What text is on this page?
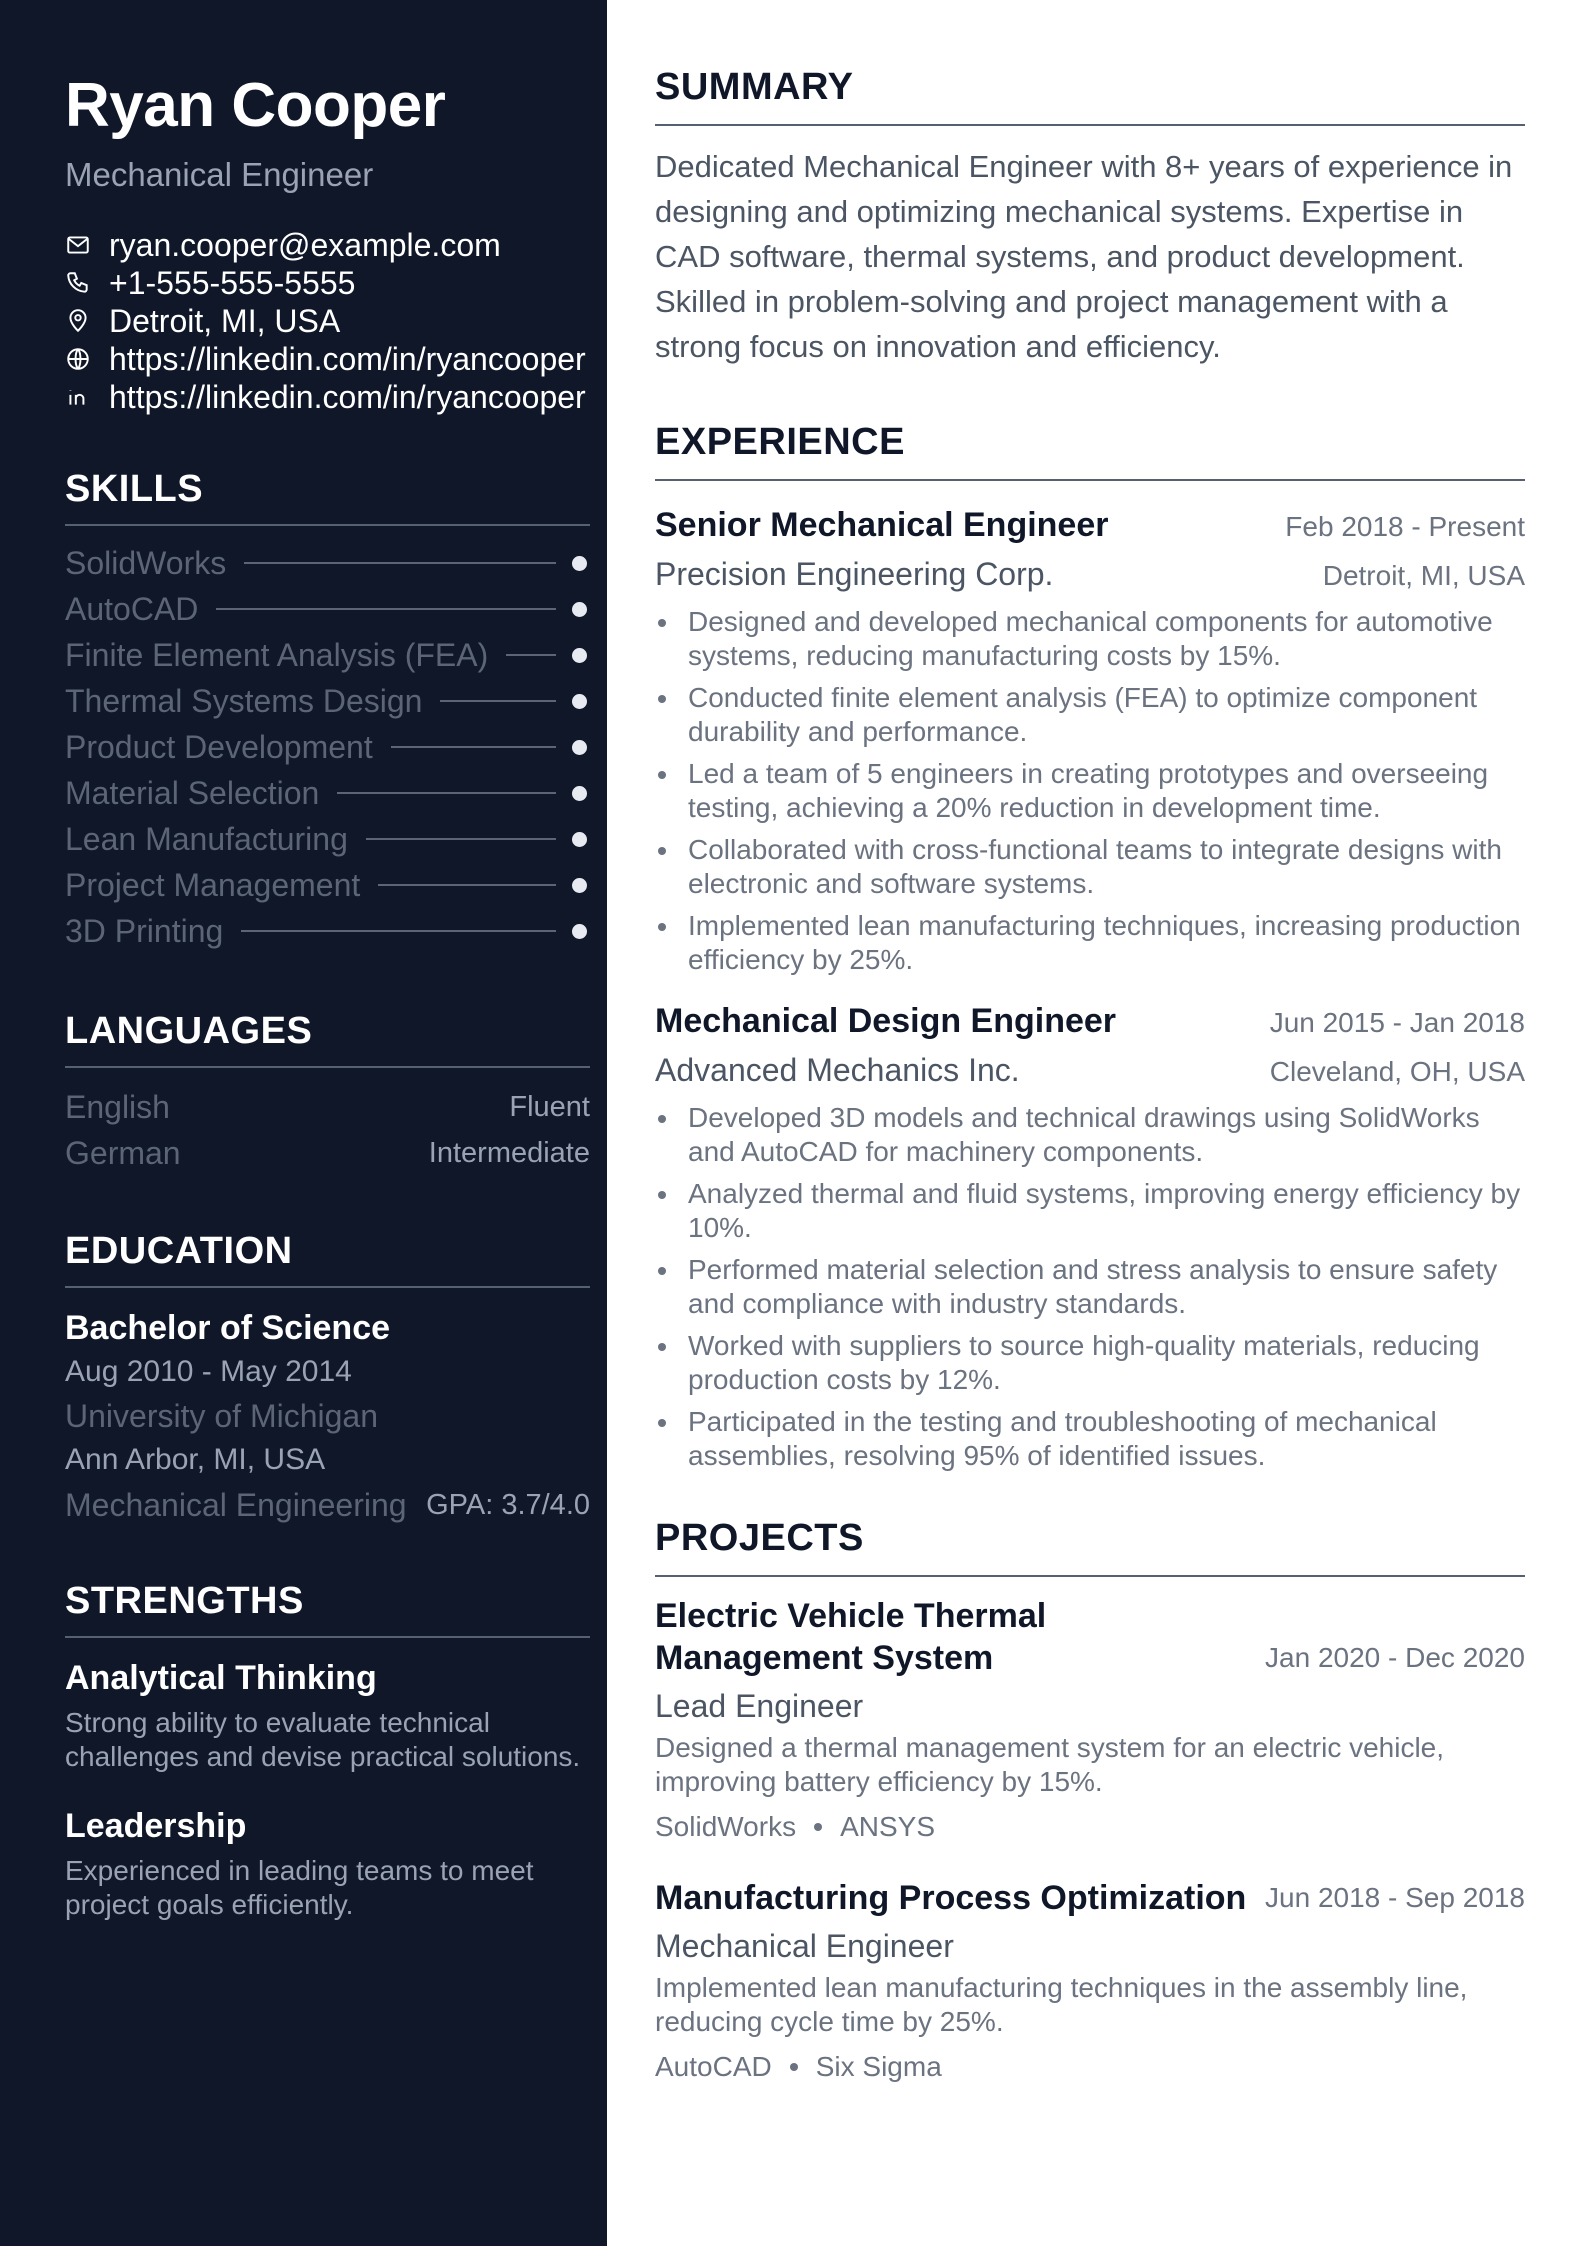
Ryan Cooper
Mechanical Engineer
ryan.cooper@example.com
+1-555-555-5555
Detroit, MI, USA
https://linkedin.com/in/ryancooper
https://linkedin.com/in/ryancooper
SKILLS
SolidWorks
AutoCAD
Finite Element Analysis (FEA)
Thermal Systems Design
Product Development
Material Selection
Lean Manufacturing
Project Management
3D Printing
LANGUAGES
English	Fluent
German	Intermediate
EDUCATION
Bachelor of Science
Aug 2010 - May 2014
University of Michigan
Ann Arbor, MI, USA
Mechanical Engineering GPA: 3.7/4.0
STRENGTHS
Analytical Thinking
Strong ability to evaluate technical challenges and devise practical solutions.
Leadership
Experienced in leading teams to meet project goals efficiently.
SUMMARY

Dedicated Mechanical Engineer with 8+ years of experience in designing and optimizing mechanical systems. Expertise in CAD software, thermal systems, and product development. Skilled in problem-solving and project management with a strong focus on innovation and efficiency.

EXPERIENCE
Senior Mechanical Engineer	Feb 2018 - Present
Precision Engineering Corp.	Detroit, MI, USA
Designed and developed mechanical components for automotive systems, reducing manufacturing costs by 15%.
Conducted finite element analysis (FEA) to optimize component durability and performance.
Led a team of 5 engineers in creating prototypes and overseeing testing, achieving a 20% reduction in development time.
Collaborated with cross-functional teams to integrate designs with electronic and software systems.
Implemented lean manufacturing techniques, increasing production efficiency by 25%.
Mechanical Design Engineer	Jun 2015 - Jan 2018
Advanced Mechanics Inc.	Cleveland, OH, USA
Developed 3D models and technical drawings using SolidWorks and AutoCAD for machinery components.
Analyzed thermal and fluid systems, improving energy efficiency by 10%.
Performed material selection and stress analysis to ensure safety and compliance with industry standards.
Worked with suppliers to source high-quality materials, reducing production costs by 12%.
Participated in the testing and troubleshooting of mechanical assemblies, resolving 95% of identified issues.
PROJECTS
Electric Vehicle Thermal Management System	Jan 2020 - Dec 2020
Lead Engineer
Designed a thermal management system for an electric vehicle, improving battery efficiency by 15%.
SolidWorks ANSYS
Manufacturing Process Optimization Jun 2018 - Sep 2018
Mechanical Engineer
Implemented lean manufacturing techniques in the assembly line, reducing cycle time by 25%.
AutoCAD Six Sigma
